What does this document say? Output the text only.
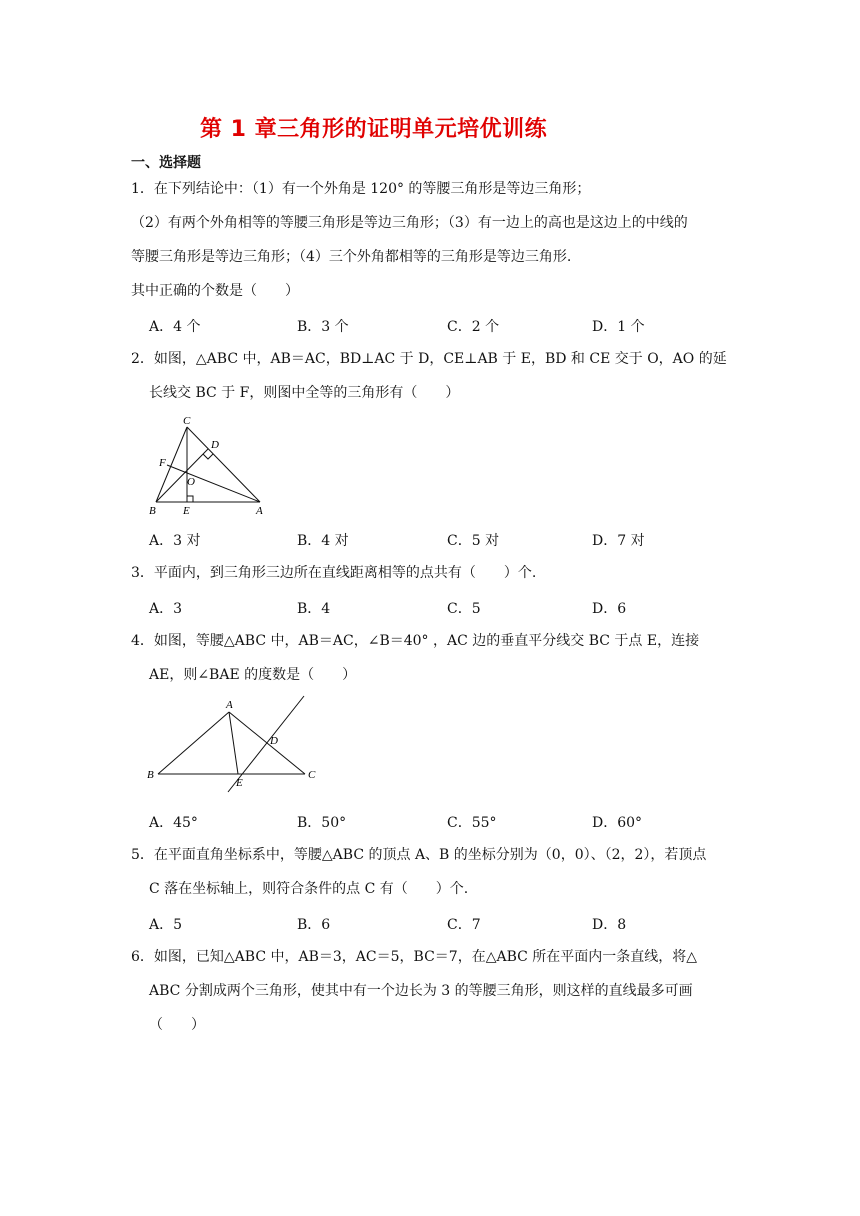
第 1 章三角形的证明单元培优训练
一、选择题
1．在下列结论中：（1）有一个外角是 120° 的等腰三角形是等边三角形；
（2）有两个外角相等的等腰三角形是等边三角形；（3）有一边上的高也是这边上的中线的
等腰三角形是等边三角形；（4）三个外角都相等的三角形是等边三角形.
其中正确的个数是（　　）
A．4 个	B．3 个	C．2 个	D．1 个
2．如图，△ABC 中，AB＝AC，BD⊥AC 于 D，CE⊥AB 于 E，BD 和 CE 交于 O，AO 的延
长线交 BC 于 F，则图中全等的三角形有（　　）
C
D
F
O
B E	A
A．3 对	B．4 对	C．5 对	D．7 对
3．平面内，到三角形三边所在直线距离相等的点共有（　　）个.
A．3	B．4	C．5	D．6
4．如图，等腰△ABC 中，AB＝AC，∠B＝40° ，AC 边的垂直平分线交 BC 于点 E，连接
AE，则∠BAE 的度数是（　　）
A
B	C
D
E
A．45°	B．50°	C．55°	D．60°
5．在平面直角坐标系中，等腰△ABC 的顶点 A、B 的坐标分别为（0，0）、（2，2），若顶点
C 落在坐标轴上，则符合条件的点 C 有（　　）个.
A．5	B．6	C．7	D．8
6．如图，已知△ABC 中，AB＝3，AC＝5，BC＝7，在△ABC 所在平面内一条直线，将△
ABC 分割成两个三角形，使其中有一个边长为 3 的等腰三角形，则这样的直线最多可画
（　　）
